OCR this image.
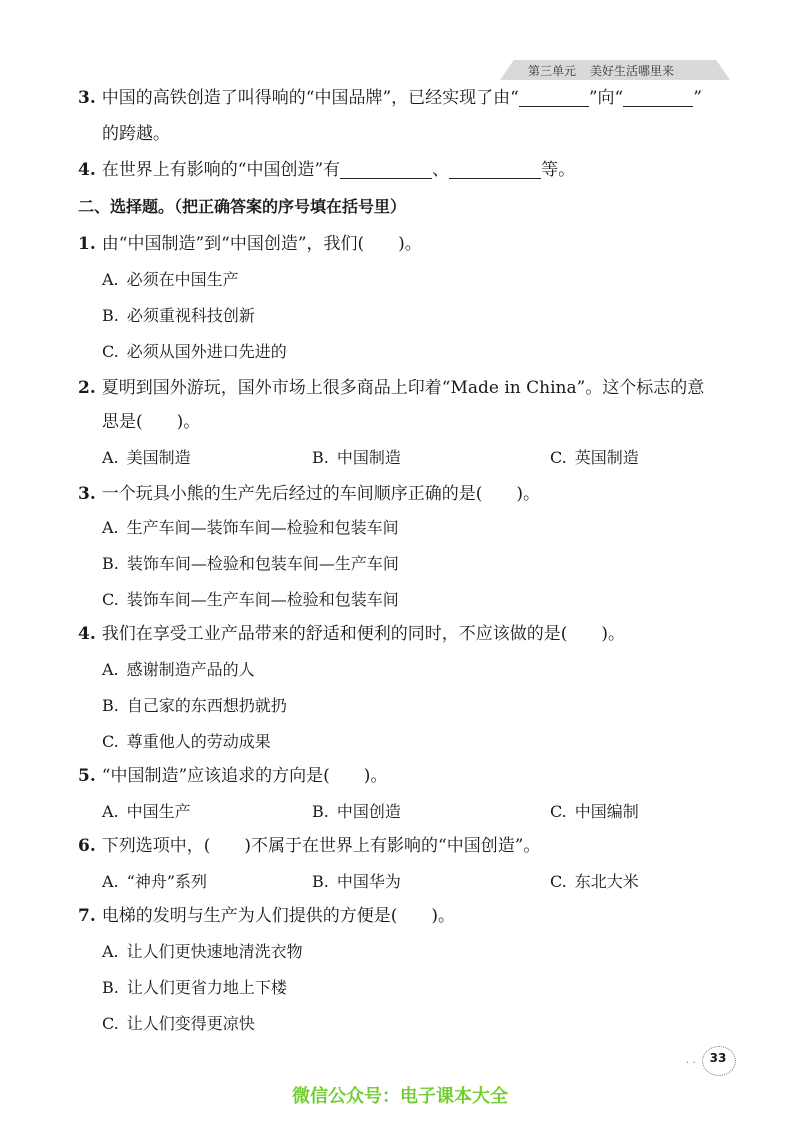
第三单元 美好生活哪里来
3. 中国的高铁创造了叫得响的“中国品牌”，已经实现了由“	”向“	”
的跨越。
4. 在世界上有影响的“中国创造”有	、	等。
二、选择题。（把正确答案的序号填在括号里）
1. 由“中国制造”到“中国创造”，我们(　　)。
A. 必须在中国生产
B. 必须重视科技创新
C. 必须从国外进口先进的
2. 夏明到国外游玩，国外市场上很多商品上印着“Made in China”。这个标志的意
思是(　　)。
A. 美国制造	B. 中国制造	C. 英国制造
3. 一个玩具小熊的生产先后经过的车间顺序正确的是(　　)。
A. 生产车间—装饰车间—检验和包装车间
B. 装饰车间—检验和包装车间—生产车间
C. 装饰车间—生产车间—检验和包装车间
4. 我们在享受工业产品带来的舒适和便利的同时，不应该做的是(　　)。
A. 感谢制造产品的人
B. 自己家的东西想扔就扔
C. 尊重他人的劳动成果
5. “中国制造”应该追求的方向是(　　)。
A. 中国生产	B. 中国创造	C. 中国编制
6. 下列选项中，(　　)不属于在世界上有影响的“中国创造”。
A. “神舟”系列	B. 中国华为	C. 东北大米
7. 电梯的发明与生产为人们提供的方便是(　　)。
A. 让人们更快速地清洗衣物
B. 让人们更省力地上下楼
C. 让人们变得更凉快
· ·	33
微信公众号：电子课本大全
